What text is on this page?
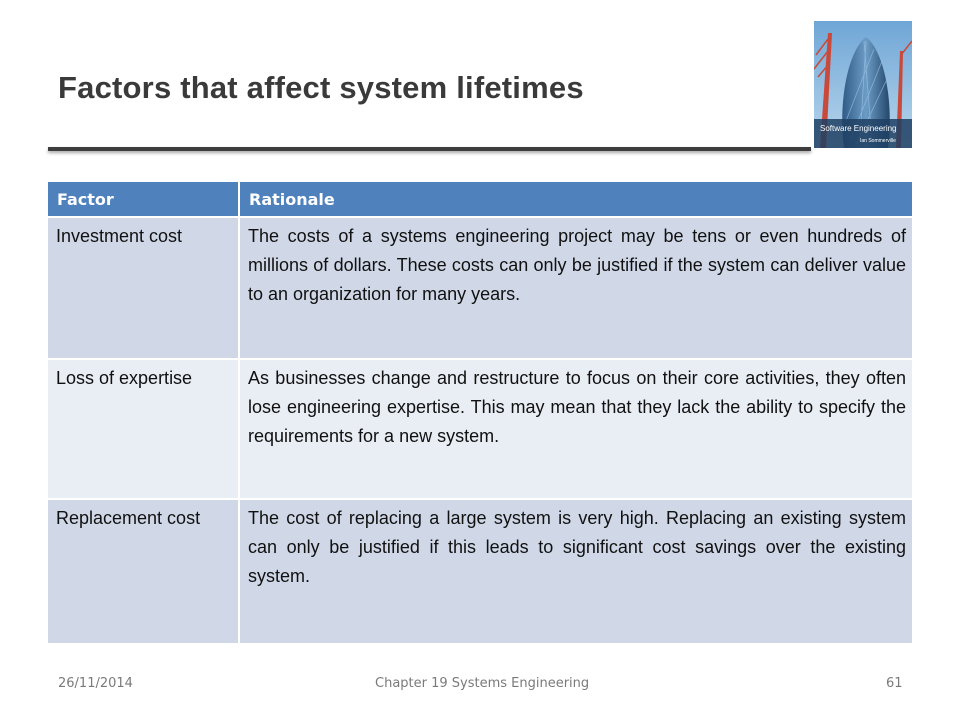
Factors that affect system lifetimes
Software Engineering
Ian Sommerville
Factor	Rationale
Investment cost	The costs of a systems engineering project may be tens or even hundreds of millions of dollars. These costs can only be justified if the system can deliver value to an organization for many years.
Loss of expertise	As businesses change and restructure to focus on their core activities, they often lose engineering expertise. This may mean that they lack the ability to specify the requirements for a new system.
Replacement cost	The cost of replacing a large system is very high. Replacing an existing system can only be justified if this leads to significant cost savings over the existing system.
26/11/2014	Chapter 19 Systems Engineering	61
